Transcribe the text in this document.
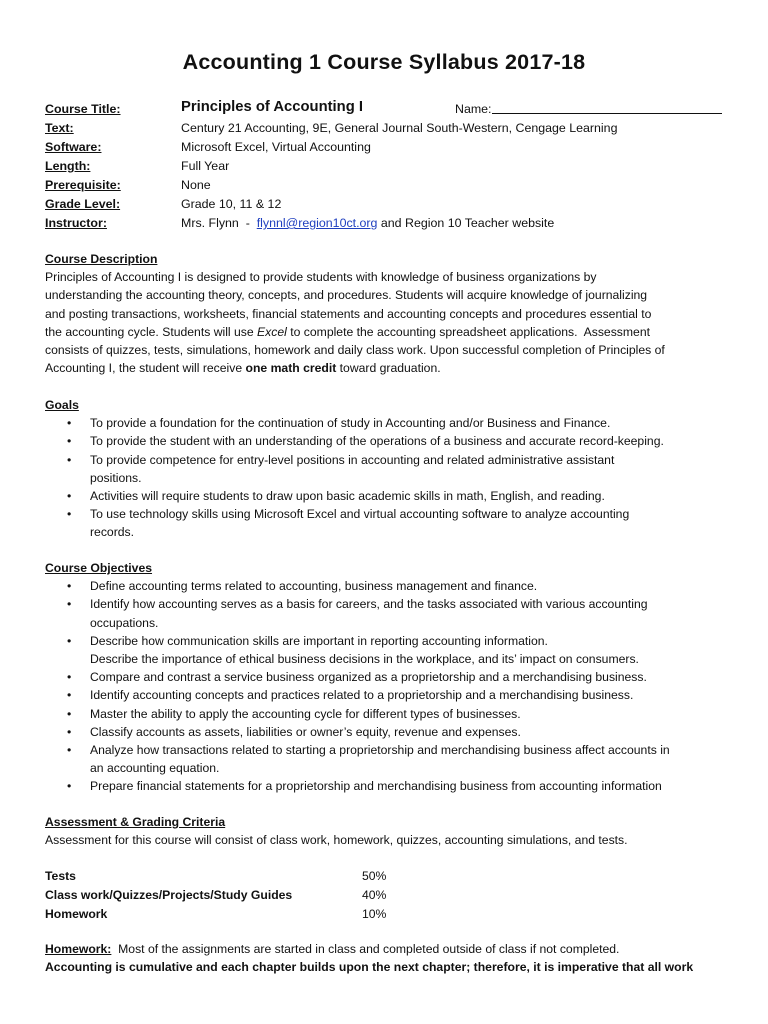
Accounting 1 Course Syllabus 2017-18
Course Title:	Principles of Accounting I	Name:
Text:	Century 21 Accounting, 9E, General Journal South-Western, Cengage Learning
Software:	Microsoft Excel, Virtual Accounting
Length:	Full Year
Prerequisite:	None
Grade Level:	Grade 10, 11 & 12
Instructor:	Mrs. Flynn  -  flynnl@region10ct.org and Region 10 Teacher website
Course Description
Principles of Accounting I is designed to provide students with knowledge of business organizations by
understanding the accounting theory, concepts, and procedures. Students will acquire knowledge of journalizing
and posting transactions, worksheets, financial statements and accounting concepts and procedures essential to
the accounting cycle. Students will use Excel to complete the accounting spreadsheet applications.  Assessment
consists of quizzes, tests, simulations, homework and daily class work. Upon successful completion of Principles of
Accounting I, the student will receive one math credit toward graduation.
Goals
• To provide a foundation for the continuation of study in Accounting and/or Business and Finance.
• To provide the student with an understanding of the operations of a business and accurate record-keeping.
• To provide competence for entry-level positions in accounting and related administrative assistant
positions.
• Activities will require students to draw upon basic academic skills in math, English, and reading.
• To use technology skills using Microsoft Excel and virtual accounting software to analyze accounting
records.
Course Objectives
• Define accounting terms related to accounting, business management and finance.
• Identify how accounting serves as a basis for careers, and the tasks associated with various accounting
occupations.
• Describe how communication skills are important in reporting accounting information.
Describe the importance of ethical business decisions in the workplace, and its’ impact on consumers.
• Compare and contrast a service business organized as a proprietorship and a merchandising business.
• Identify accounting concepts and practices related to a proprietorship and a merchandising business.
• Master the ability to apply the accounting cycle for different types of businesses.
• Classify accounts as assets, liabilities or owner’s equity, revenue and expenses.
• Analyze how transactions related to starting a proprietorship and merchandising business affect accounts in
an accounting equation.
• Prepare financial statements for a proprietorship and merchandising business from accounting information
Assessment & Grading Criteria
Assessment for this course will consist of class work, homework, quizzes, accounting simulations, and tests.
Tests	50%
Class work/Quizzes/Projects/Study Guides	40%
Homework	10%
Homework:  Most of the assignments are started in class and completed outside of class if not completed.
Accounting is cumulative and each chapter builds upon the next chapter; therefore, it is imperative that all work
